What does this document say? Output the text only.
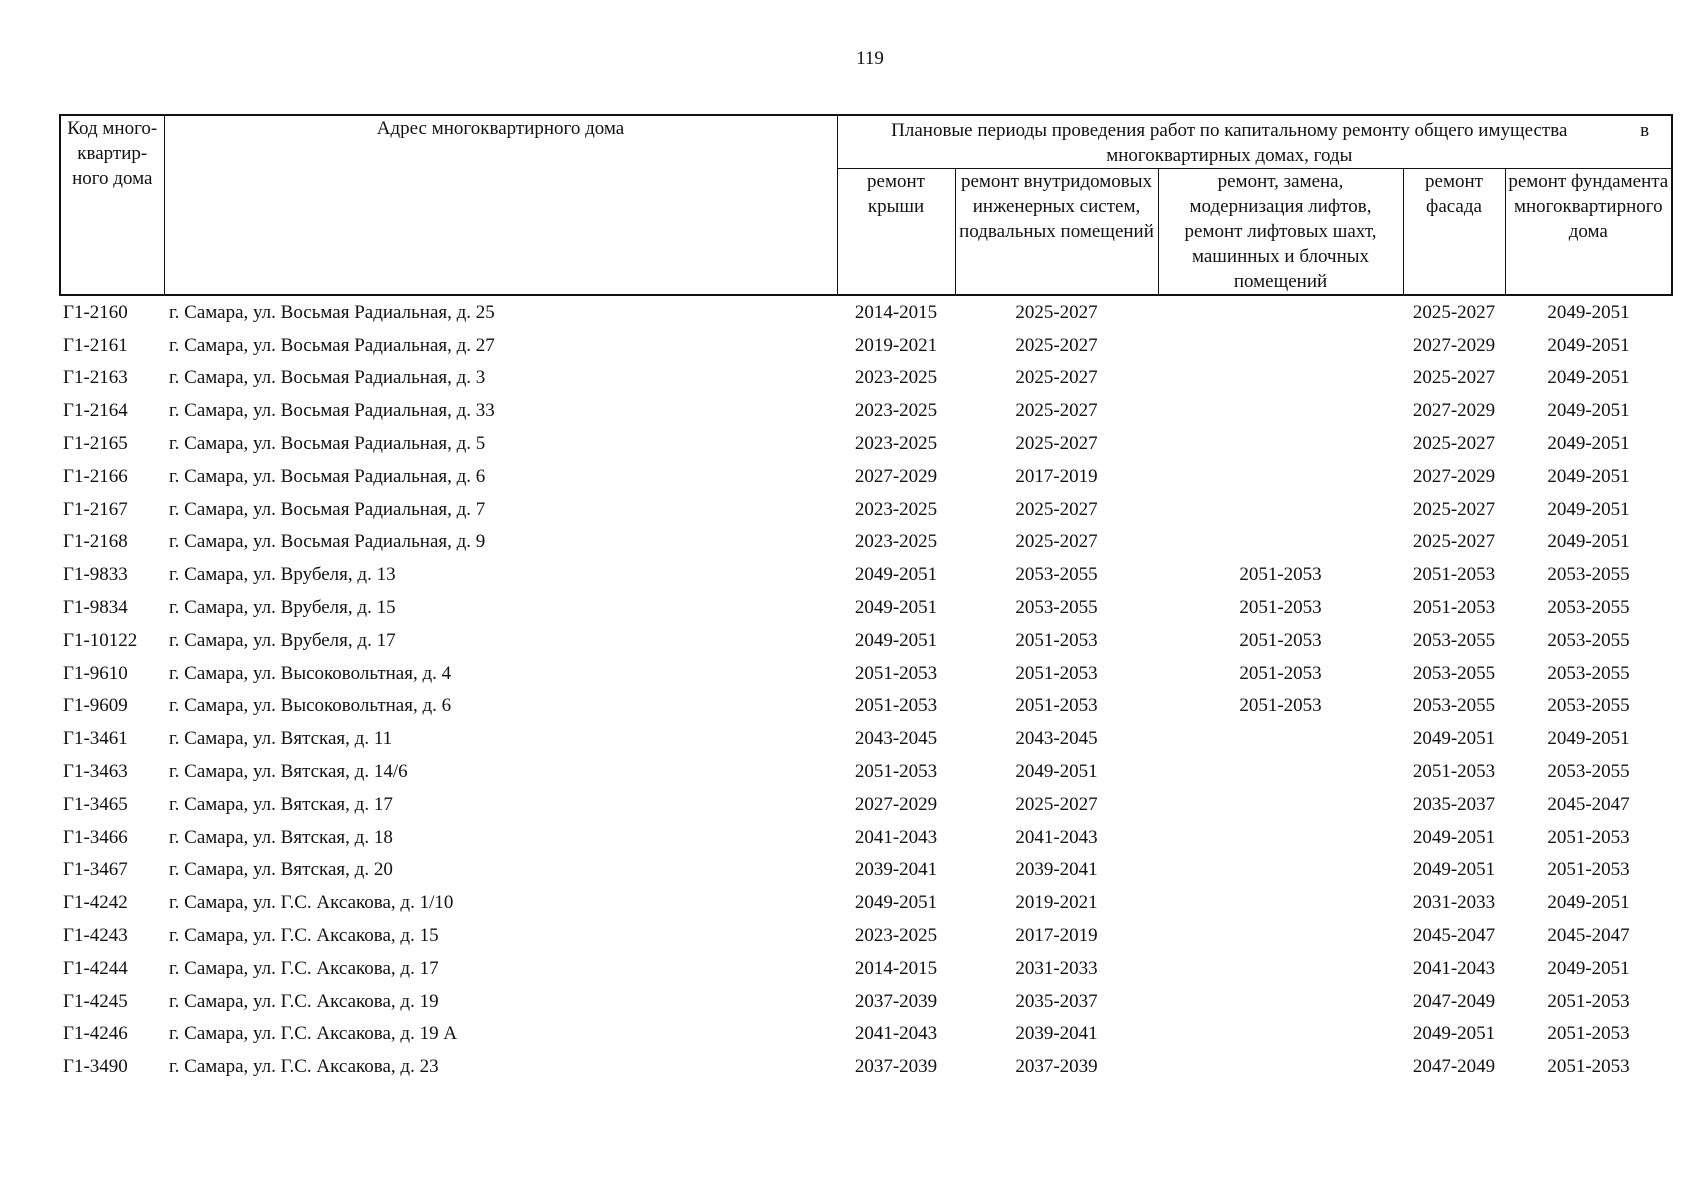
119
Код много-квартир-ного дома	Адрес многоквартирного дома	Плановые периоды проведения работ по капитальному ремонту общего имущества многоквартирных домах, годы
в				

		ремонт крыши	ремонт внутридомовых инженерных систем, подвальных помещений	ремонт, замена, модернизация лифтов, ремонт лифтовых шахт, машинных и блочных помещений	ремонт фасада	ремонт фундамента многоквартирного дома
Г1-2160	г. Самара, ул. Восьмая Радиальная, д. 25	2014-2015	2025-2027		2025-2027	2049-2051
Г1-2161	г. Самара, ул. Восьмая Радиальная, д. 27	2019-2021	2025-2027		2027-2029	2049-2051
Г1-2163	г. Самара, ул. Восьмая Радиальная, д. 3	2023-2025	2025-2027		2025-2027	2049-2051
Г1-2164	г. Самара, ул. Восьмая Радиальная, д. 33	2023-2025	2025-2027		2027-2029	2049-2051
Г1-2165	г. Самара, ул. Восьмая Радиальная, д. 5	2023-2025	2025-2027		2025-2027	2049-2051
Г1-2166	г. Самара, ул. Восьмая Радиальная, д. 6	2027-2029	2017-2019		2027-2029	2049-2051
Г1-2167	г. Самара, ул. Восьмая Радиальная, д. 7	2023-2025	2025-2027		2025-2027	2049-2051
Г1-2168	г. Самара, ул. Восьмая Радиальная, д. 9	2023-2025	2025-2027		2025-2027	2049-2051
Г1-9833	г. Самара, ул. Врубеля, д. 13	2049-2051	2053-2055	2051-2053	2051-2053	2053-2055
Г1-9834	г. Самара, ул. Врубеля, д. 15	2049-2051	2053-2055	2051-2053	2051-2053	2053-2055
Г1-10122	г. Самара, ул. Врубеля, д. 17	2049-2051	2051-2053	2051-2053	2053-2055	2053-2055
Г1-9610	г. Самара, ул. Высоковольтная, д. 4	2051-2053	2051-2053	2051-2053	2053-2055	2053-2055
Г1-9609	г. Самара, ул. Высоковольтная, д. 6	2051-2053	2051-2053	2051-2053	2053-2055	2053-2055
Г1-3461	г. Самара, ул. Вятская, д. 11	2043-2045	2043-2045		2049-2051	2049-2051
Г1-3463	г. Самара, ул. Вятская, д. 14/6	2051-2053	2049-2051		2051-2053	2053-2055
Г1-3465	г. Самара, ул. Вятская, д. 17	2027-2029	2025-2027		2035-2037	2045-2047
Г1-3466	г. Самара, ул. Вятская, д. 18	2041-2043	2041-2043		2049-2051	2051-2053
Г1-3467	г. Самара, ул. Вятская, д. 20	2039-2041	2039-2041		2049-2051	2051-2053
Г1-4242	г. Самара, ул. Г.С. Аксакова, д. 1/10	2049-2051	2019-2021		2031-2033	2049-2051
Г1-4243	г. Самара, ул. Г.С. Аксакова, д. 15	2023-2025	2017-2019		2045-2047	2045-2047
Г1-4244	г. Самара, ул. Г.С. Аксакова, д. 17	2014-2015	2031-2033		2041-2043	2049-2051
Г1-4245	г. Самара, ул. Г.С. Аксакова, д. 19	2037-2039	2035-2037		2047-2049	2051-2053
Г1-4246	г. Самара, ул. Г.С. Аксакова, д. 19 А	2041-2043	2039-2041		2049-2051	2051-2053
Г1-3490	г. Самара, ул. Г.С. Аксакова, д. 23	2037-2039	2037-2039		2047-2049	2051-2053
